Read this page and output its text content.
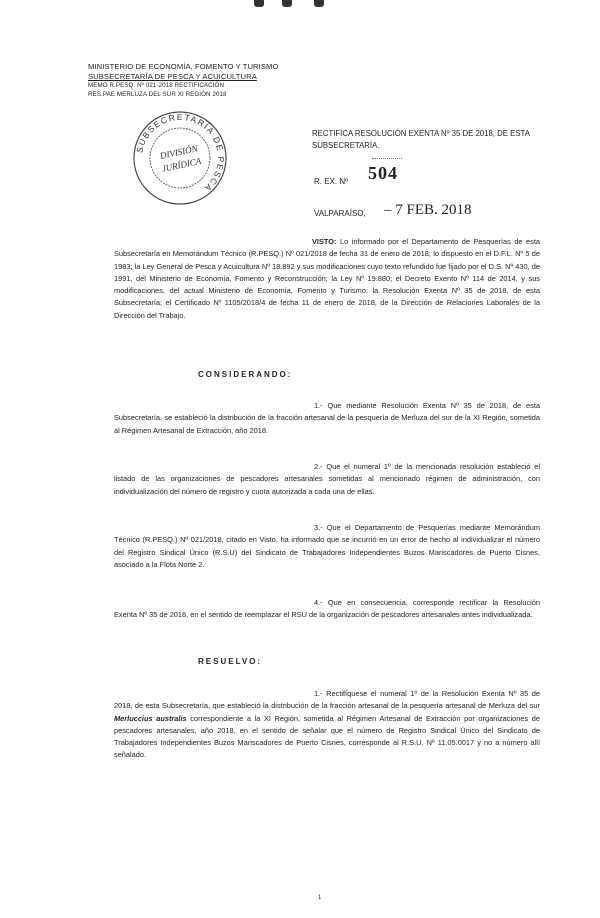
MINISTERIO DE ECONOMÍA, FOMENTO Y TURISMO
SUBSECRETARÍA DE PESCA Y ACUICULTURA
MEMO R.PESQ. Nº 021-2018 RECTIFICACIÓN
RES.PAE MERLUZA DEL SUR XI REGIÓN 2018
SUBSECRETARÍA DE PESCA
DIVISIÓN
JURÍDICA
RECTIFICA RESOLUCIÓN EXENTA Nº 35 DE 2018, DE ESTA SUBSECRETARÍA.
R. EX. Nº 504
VALPARAÍSO, – 7 FEB. 2018
VISTO: Lo informado por el Departamento de Pesquerías de esta Subsecretaría en Memorándum Técnico (R.PESQ.) Nº 021/2018 de fecha 31 de enero de 2018; lo dispuesto en el D.F.L. Nº 5 de 1983; la Ley General de Pesca y Acuicultura Nº 18.892 y sus modificaciones cuyo texto refundido fue fijado por el D.S. Nº 430, de 1991, del Ministerio de Economía, Fomento y Reconstrucción; la Ley Nº 19.880; el Decreto Exento Nº 114 de 2014, y sus modificaciones, del actual Ministerio de Economía, Fomento y Turismo; la Resolución Exenta Nº 35 de 2018, de esta Subsecretaría; el Certificado Nº 1105/2018/4 de fecha 11 de enero de 2018, de la Dirección de Relaciones Laborales de la Dirección del Trabajo.
CONSIDERANDO:
1.- Que mediante Resolución Exenta Nº 35 de 2018, de esta Subsecretaría, se estableció la distribución de la fracción artesanal de la pesquería de Merluza del sur de la XI Región, sometida al Régimen Artesanal de Extracción, año 2018.
2.- Que el numeral 1º de la mencionada resolución estableció el listado de las organizaciones de pescadores artesanales sometidas al mencionado régimen de administración, con individualización del número de registro y cuota autorizada a cada una de ellas.
3.- Que el Departamento de Pesquerías mediante Memorándum Técnico (R.PESQ.) Nº 021/2018, citado en Visto, ha informado que se incurrió en un error de hecho al individualizar el número del Registro Sindical Único (R.S.U) del Sindicato de Trabajadores Independientes Buzos Mariscadores de Puerto Cisnes, asociado a la Flota Norte 2.
4.- Que en consecuencia, corresponde rectificar la Resolución Exenta Nº 35 de 2018, en el sentido de reemplazar el RSU de la organización de pescadores artesanales antes individualizada.
RESUELVO:
1.- Rectifíquese el numeral 1º de la Resolución Exenta Nº 35 de 2018, de esta Subsecretaría, que estableció la distribución de la fracción artesanal de la pesquería artesanal de Merluza del sur Merluccius australis correspondiente a la XI Región, sometida al Régimen Artesanal de Extracción por organizaciones de pescadores artesanales, año 2018, en el sentido de señalar que el número de Registro Sindical Único del Sindicato de Trabajadores Independientes Buzos Mariscadores de Puerto Cisnes, corresponde al R.S.U. Nº 11.05.0017 y no a número allí señalado.
1
